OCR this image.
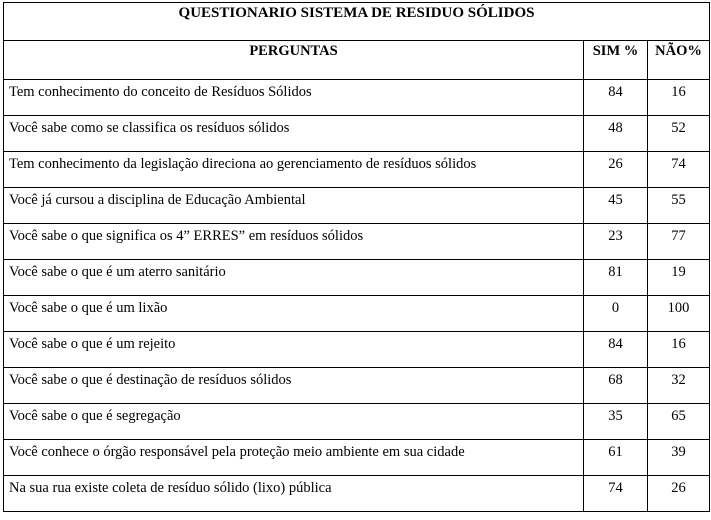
QUESTIONARIO SISTEMA DE RESIDUO SÓLIDOS		
PERGUNTAS	SIM %	NÃO%
Tem conhecimento do conceito de Resíduos Sólidos	84	16
Você sabe como se classifica os resíduos sólidos	48	52
Tem conhecimento da legislação direciona ao gerenciamento de resíduos sólidos	26	74
Você já cursou a disciplina de Educação Ambiental	45	55
Você sabe o que significa os 4” ERRES” em resíduos sólidos	23	77
Você sabe o que é um aterro sanitário	81	19
Você sabe o que é um lixão	0	100
Você sabe o que é um rejeito	84	16
Você sabe o que é destinação de resíduos sólidos	68	32
Você sabe o que é segregação	35	65
Você conhece o órgão responsável pela proteção meio ambiente em sua cidade	61	39
Na sua rua existe coleta de resíduo sólido (lixo) pública	74	26
